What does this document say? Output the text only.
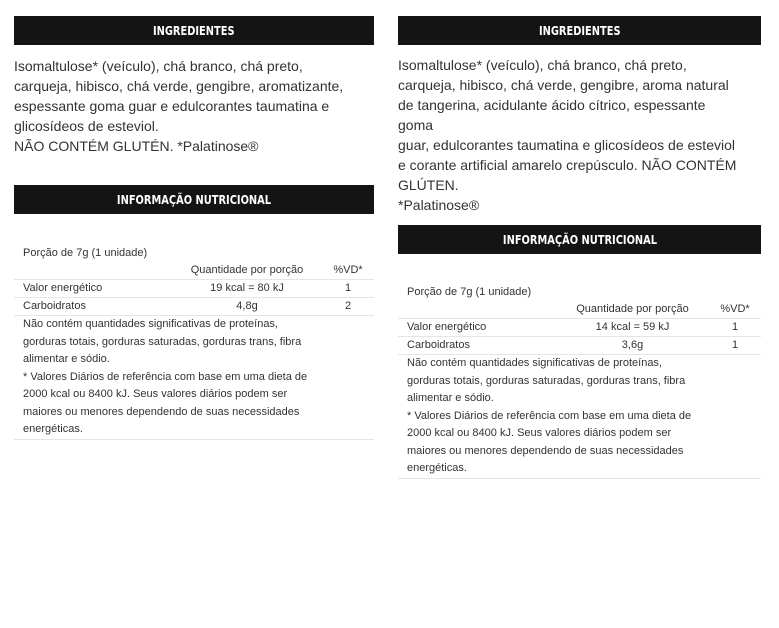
INGREDIENTES

Isomaltulose* (veículo), chá branco, chá preto,

carqueja, hibisco, chá verde, gengibre, aromatizante,

espessante goma guar e edulcorantes taumatina e

glicosídeos de esteviol.

NÃO CONTÉM GLUTÉN. *Palatinose®

INFORMAÇÃO NUTRICIONAL
Porção de 7g (1 unidade)		
	Quantidade por porção	%VD*
Valor energético	19 kcal = 80 kJ	1
Carboidratos	4,8g	2
Não contém quantidades significativas de proteínas,
gorduras totais, gorduras saturadas, gorduras trans, fibra
alimentar e sódio.
* Valores Diários de referência com base em uma dieta de
2000 kcal ou 8400 kJ. Seus valores diários podem ser
maiores ou menores dependendo de suas necessidades
energéticas.
INGREDIENTES

Isomaltulose* (veículo), chá branco, chá preto,

carqueja, hibisco, chá verde, gengibre, aroma natural

de tangerina, acidulante ácido cítrico, espessante

goma

guar, edulcorantes taumatina e glicosídeos de esteviol

e corante artificial amarelo crepúsculo. NÃO CONTÉM

GLÚTEN.

*Palatinose®

INFORMAÇÃO NUTRICIONAL
Porção de 7g (1 unidade)		
	Quantidade por porção	%VD*
Valor energético	14 kcal = 59 kJ	1
Carboidratos	3,6g	1
Não contém quantidades significativas de proteínas,
gorduras totais, gorduras saturadas, gorduras trans, fibra
alimentar e sódio.
* Valores Diários de referência com base em uma dieta de
2000 kcal ou 8400 kJ. Seus valores diários podem ser
maiores ou menores dependendo de suas necessidades
energéticas.
